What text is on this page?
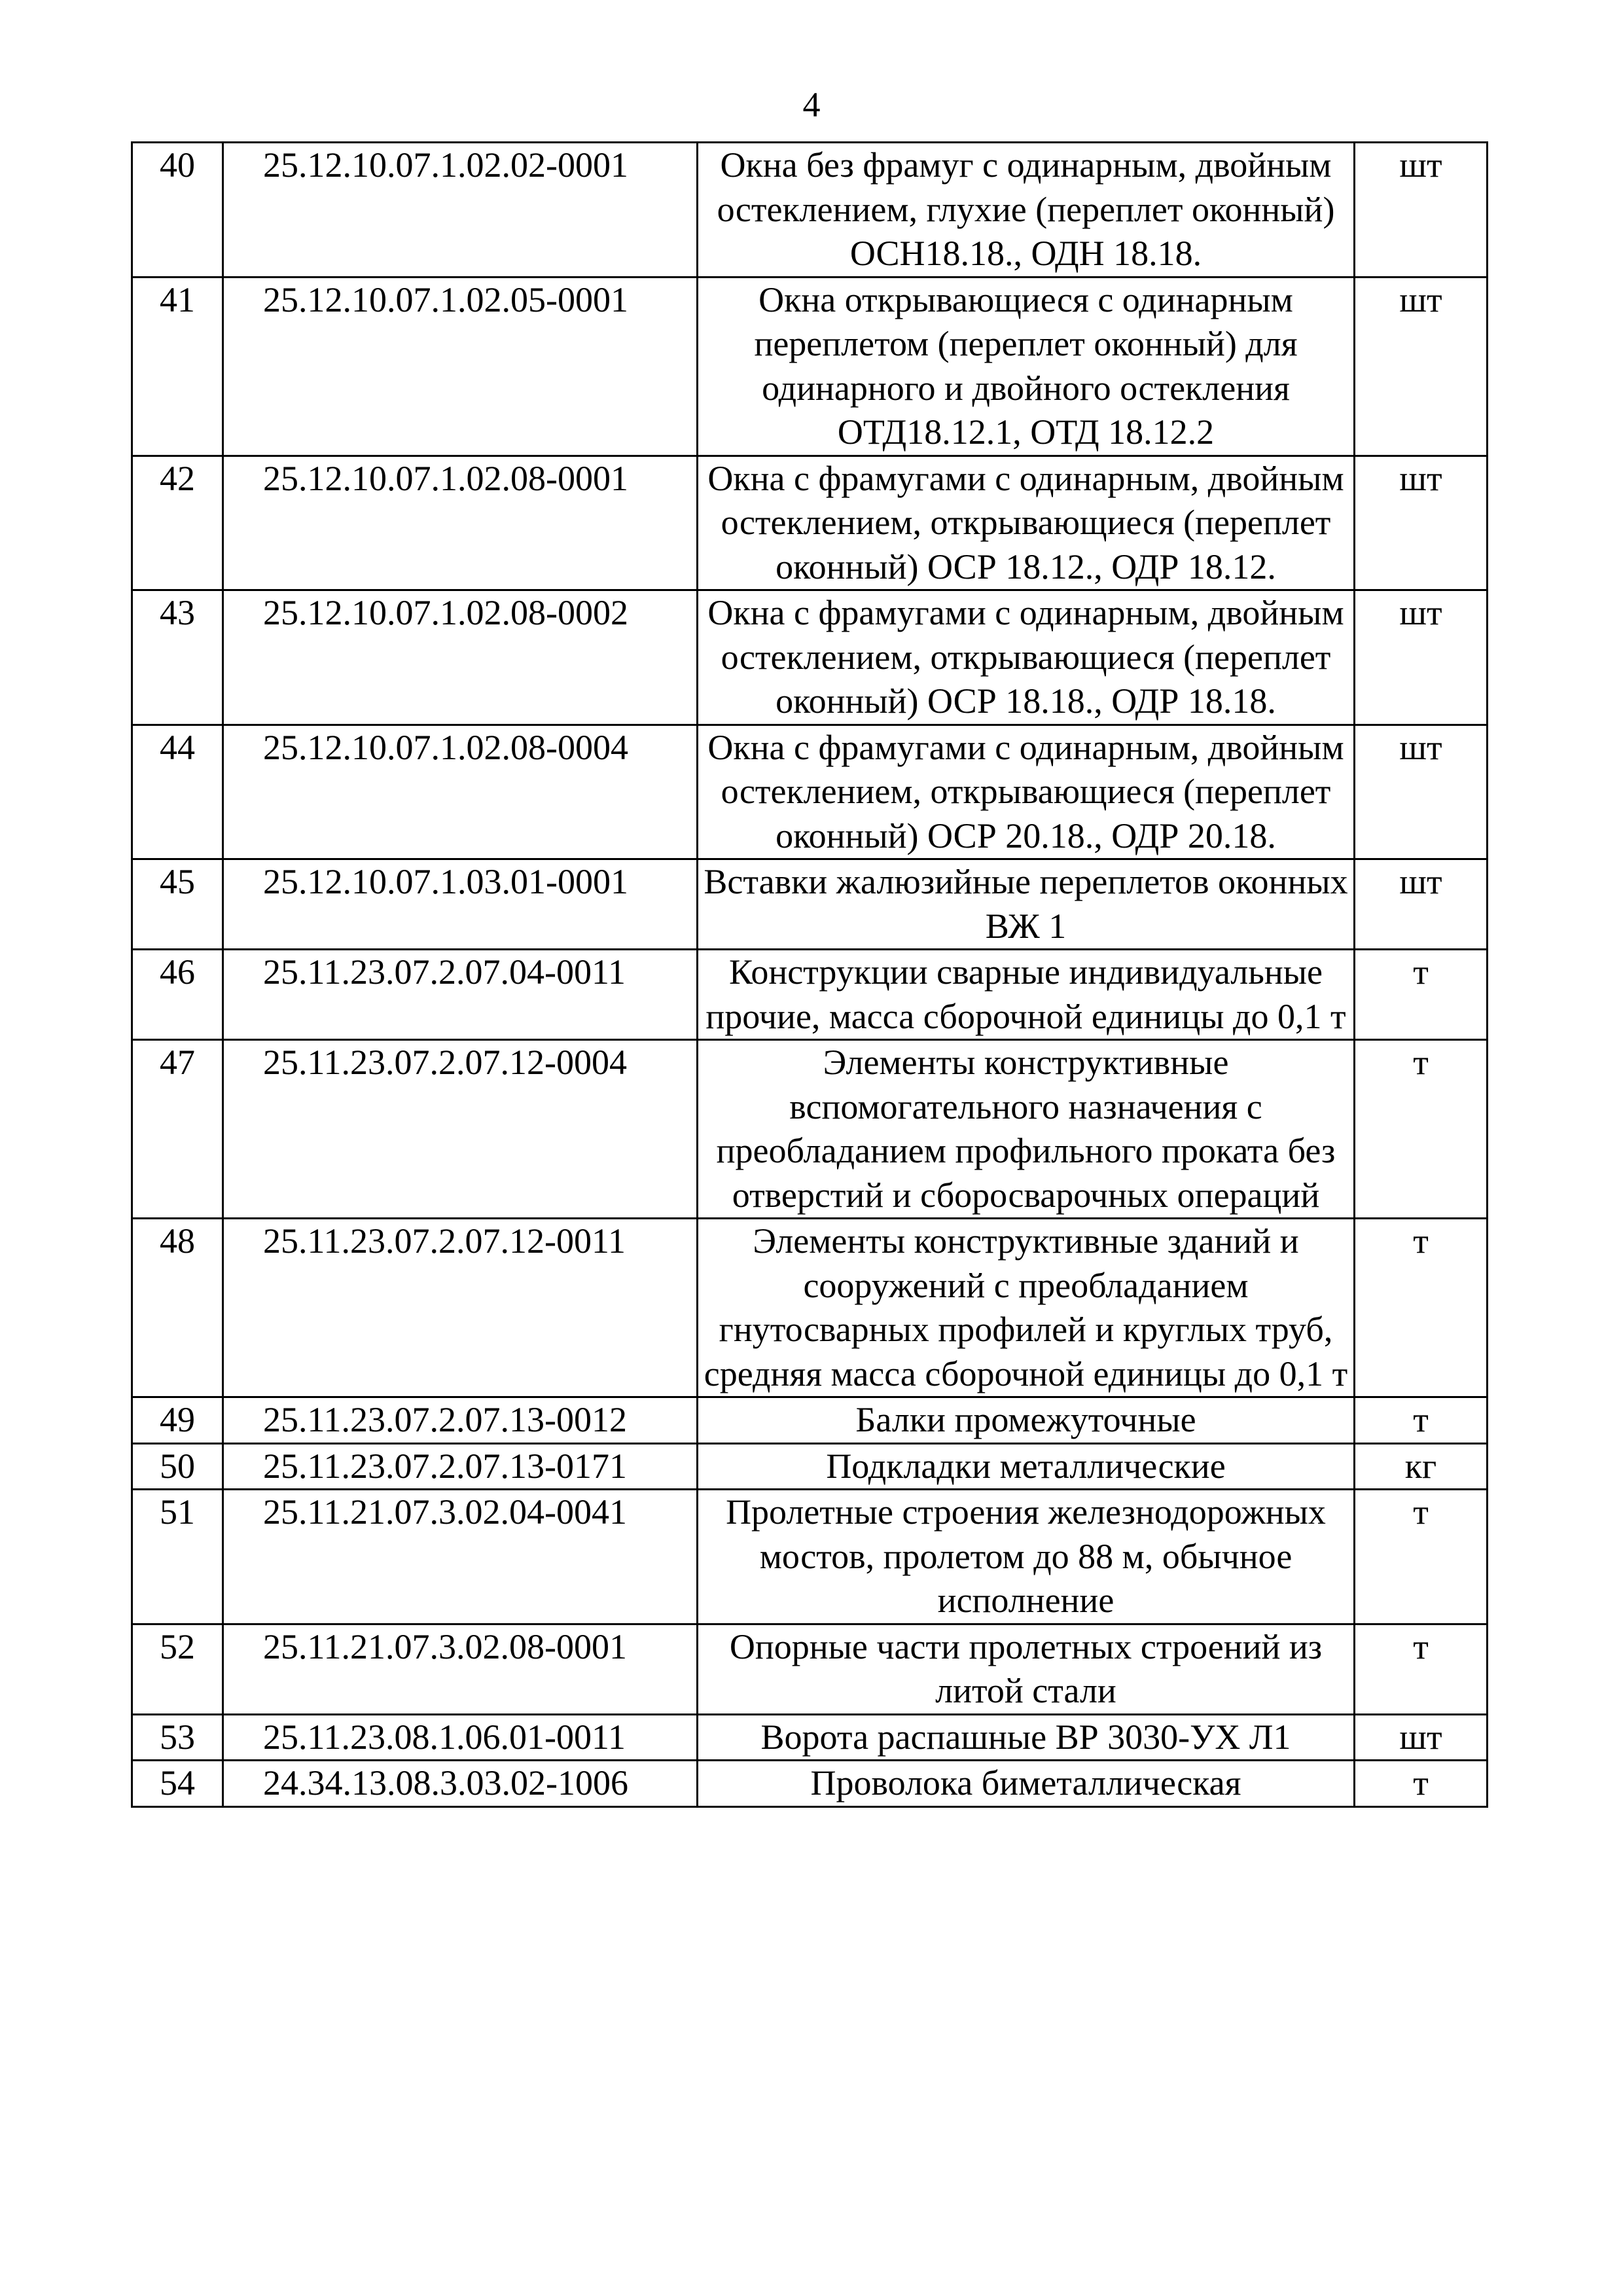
4
40	25.12.10.07.1.02.02-0001	Окна без фрамуг с одинарным, двойным остеклением, глухие (переплет оконный) ОСН18.18., ОДН 18.18.	шт
41	25.12.10.07.1.02.05-0001	Окна открывающиеся с одинарным переплетом (переплет оконный) для одинарного и двойного остекления ОТД18.12.1, ОТД 18.12.2	шт
42	25.12.10.07.1.02.08-0001	Окна с фрамугами с одинарным, двойным остеклением, открывающиеся (переплет оконный) ОСР 18.12., ОДР 18.12.	шт
43	25.12.10.07.1.02.08-0002	Окна с фрамугами с одинарным, двойным остеклением, открывающиеся (переплет оконный) ОСР 18.18., ОДР 18.18.	шт
44	25.12.10.07.1.02.08-0004	Окна с фрамугами с одинарным, двойным остеклением, открывающиеся (переплет оконный) ОСР 20.18., ОДР 20.18.	шт
45	25.12.10.07.1.03.01-0001	Вставки жалюзийные переплетов оконных ВЖ 1	шт
46	25.11.23.07.2.07.04-0011	Конструкции сварные индивидуальные прочие, масса сборочной единицы до 0,1 т	т
47	25.11.23.07.2.07.12-0004	Элементы конструктивные вспомогательного назначения с преобладанием профильного проката без отверстий и сборосварочных операций	т
48	25.11.23.07.2.07.12-0011	Элементы конструктивные зданий и сооружений с преобладанием гнутосварных профилей и круглых труб, средняя масса сборочной единицы до 0,1 т	т
49	25.11.23.07.2.07.13-0012	Балки промежуточные	т
50	25.11.23.07.2.07.13-0171	Подкладки металлические	кг
51	25.11.21.07.3.02.04-0041	Пролетные строения железнодорожных мостов, пролетом до 88 м, обычное исполнение	т
52	25.11.21.07.3.02.08-0001	Опорные части пролетных строений из литой стали	т
53	25.11.23.08.1.06.01-0011	Ворота распашные ВР 3030-УХ Л1	шт
54	24.34.13.08.3.03.02-1006	Проволока биметаллическая	т
